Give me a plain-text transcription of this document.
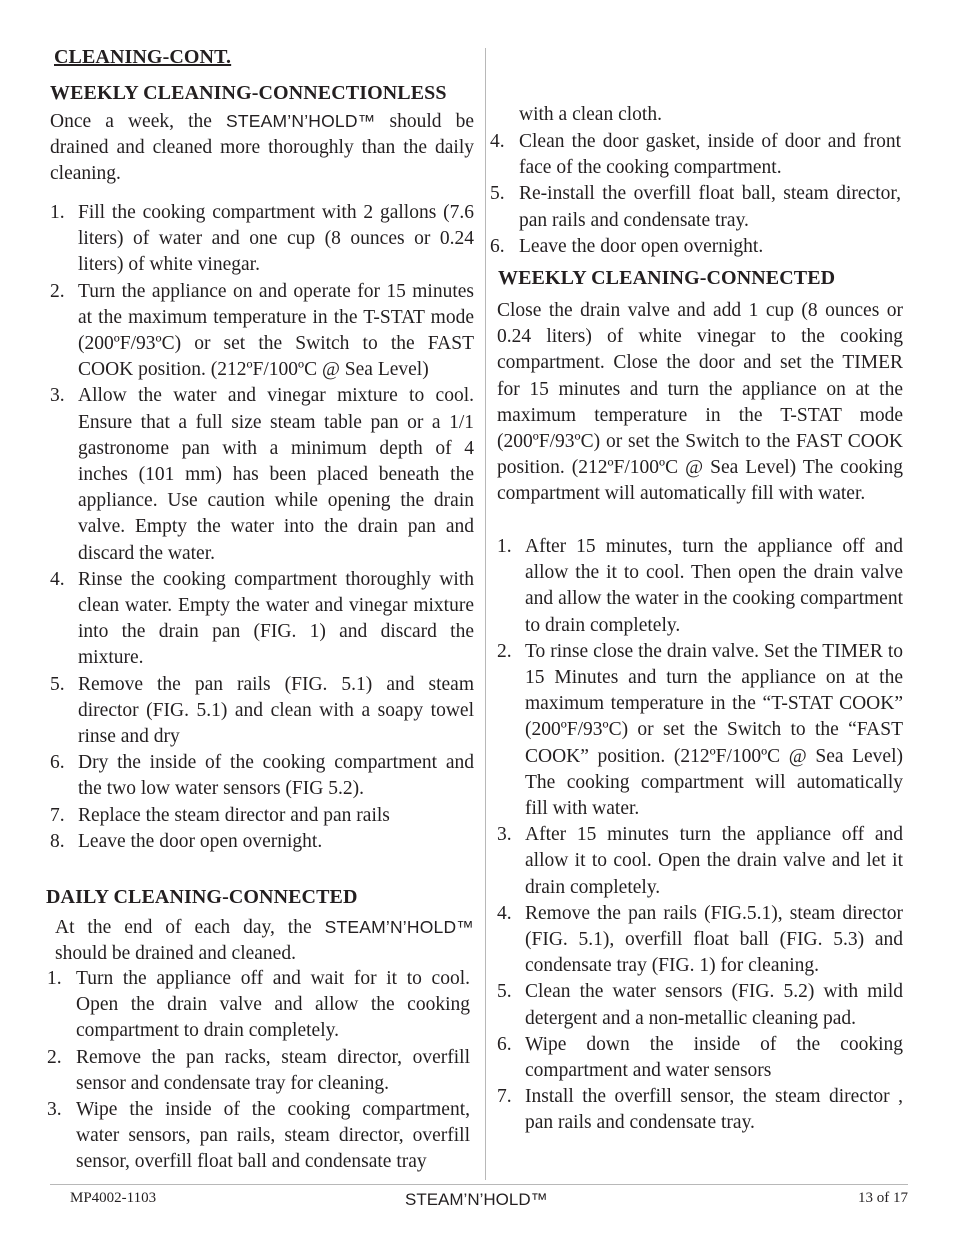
CLEANING-CONT.
WEEKLY CLEANING-CONNECTIONLESS
Once a week, the STEAM’N’HOLD™ should be drained and cleaned more thoroughly than the daily cleaning.
1. Fill the cooking compartment with 2 gallons (7.6 liters) of water and one cup (8 ounces or 0.24 liters) of white vinegar.
2. Turn the appliance on and operate for 15 minutes at the maximum temperature in the T-STAT mode (200ºF/93ºC) or set the Switch to the FAST COOK position. (212ºF/100ºC @ Sea Level)
3. Allow the water and vinegar mixture to cool. Ensure that a full size steam table pan or a 1/1 gastronome pan with a minimum depth of 4 inches (101 mm) has been placed beneath the appliance. Use caution while opening the drain valve. Empty the water into the drain pan and discard the water.
4. Rinse the cooking compartment thoroughly with clean water. Empty the water and vinegar mixture into the drain pan (FIG. 1) and discard the mixture.
5. Remove the pan rails (FIG. 5.1) and steam director (FIG. 5.1) and clean with a soapy towel rinse and dry
6. Dry the inside of the cooking compartment and the two low water sensors (FIG 5.2).
7. Replace the steam director and pan rails
8. Leave the door open overnight.
DAILY CLEANING-CONNECTED
At the end of each day, the STEAM’N’HOLD™ should be drained and cleaned.
1. Turn the appliance off and wait for it to cool. Open the drain valve and allow the cooking compartment to drain completely.
2. Remove the pan racks, steam director, overfill sensor and condensate tray for cleaning.
3. Wipe the inside of the cooking compartment, water sensors, pan rails, steam director, overfill sensor, overfill float ball and condensate tray
with a clean cloth.
4. Clean the door gasket, inside of door and front face of the cooking compartment.
5. Re-install the overfill float ball, steam director, pan rails and condensate tray.
6. Leave the door open overnight.
WEEKLY CLEANING-CONNECTED
Close the drain valve and add 1 cup (8 ounces or 0.24 liters) of white vinegar to the cooking compartment. Close the door and set the TIMER for 15 minutes and turn the appliance on at the maximum temperature in the T-STAT mode (200ºF/93ºC) or set the Switch to the FAST COOK position. (212ºF/100ºC @ Sea Level) The cooking compartment will automatically fill with water.
1. After 15 minutes, turn the appliance off and allow the it to cool. Then open the drain valve and allow the water in the cooking compartment to drain completely.
2. To rinse close the drain valve. Set the TIMER to 15 Minutes and turn the appliance on at the maximum temperature in the “T-STAT COOK” (200ºF/93ºC) or set the Switch to the “FAST COOK” position. (212ºF/100ºC @ Sea Level) The cooking compartment will automatically fill with water.
3. After 15 minutes turn the appliance off and allow it to cool. Open the drain valve and let it drain completely.
4. Remove the pan rails (FIG.5.1), steam director (FIG. 5.1), overfill float ball (FIG. 5.3) and condensate tray (FIG. 1) for cleaning.
5. Clean the water sensors (FIG. 5.2) with mild detergent and a non-metallic cleaning pad.
6. Wipe down the inside of the cooking compartment and water sensors
7. Install the overfill sensor, the steam director , pan rails and condensate tray.
MP4002-1103	STEAM’N’HOLD™	13 of 17
